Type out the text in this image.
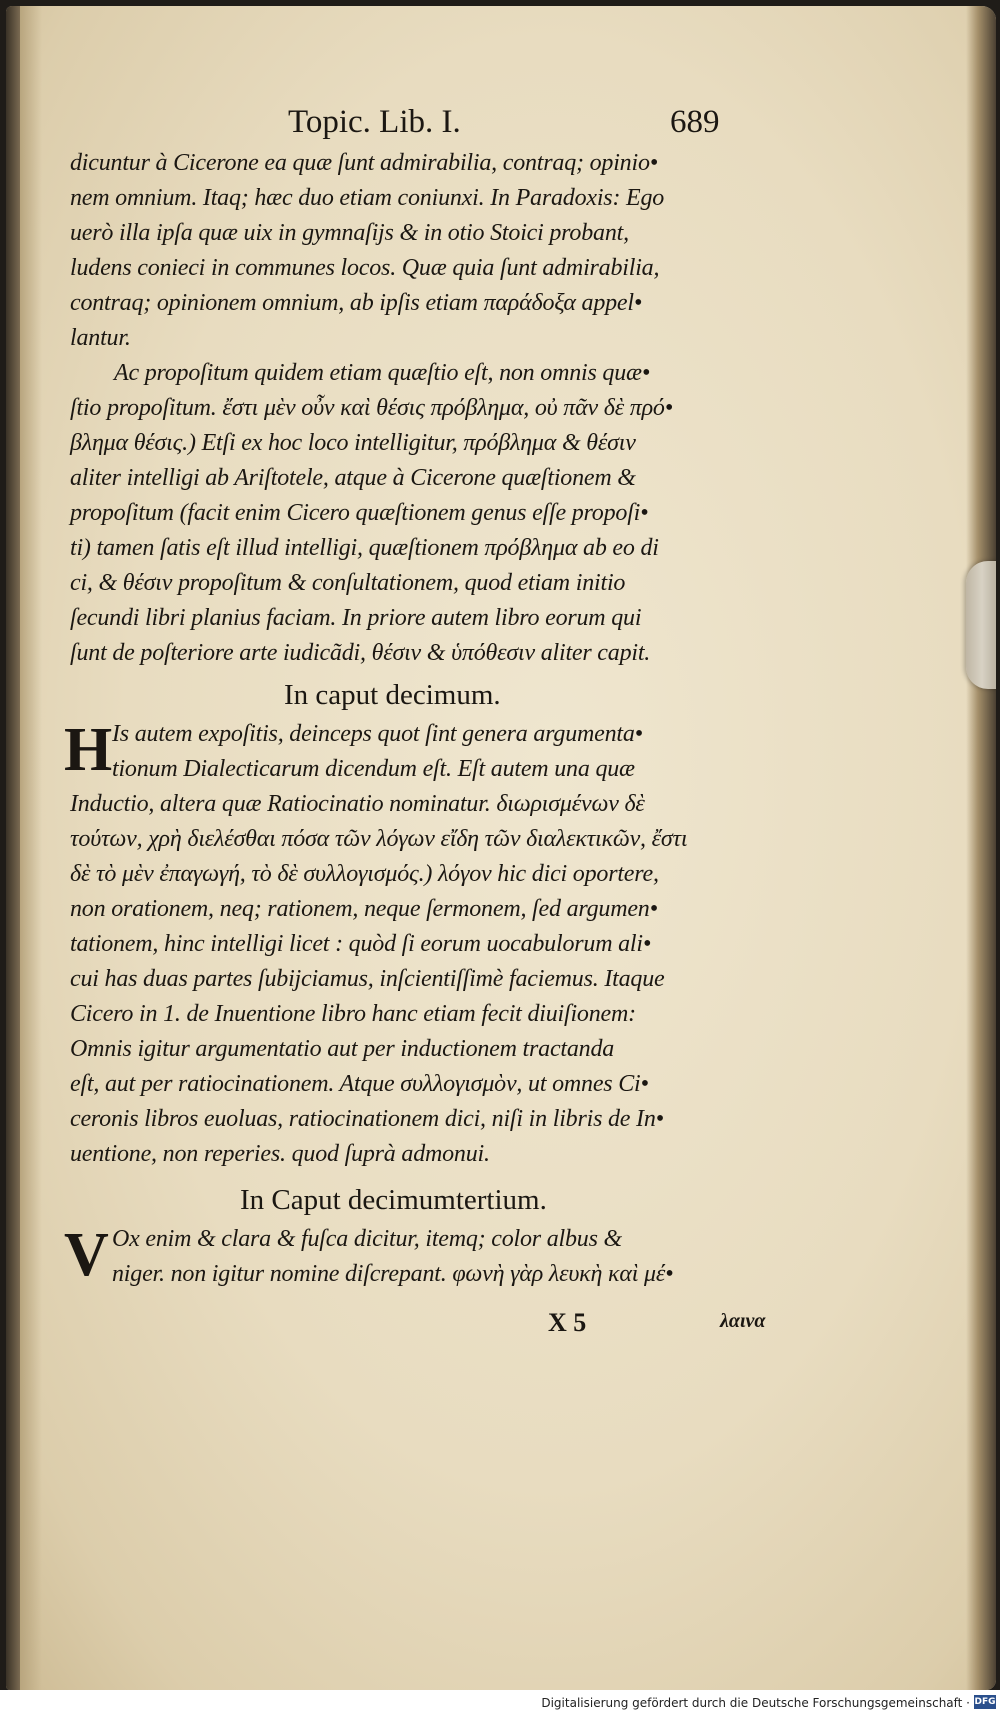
Topic. Lib. I.	689
dicuntur à Cicerone ea quæ ſunt admirabilia, contraq; opinio•
nem omnium. Itaq; hæc duo etiam coniunxi. In Paradoxis: Ego
uerò illa ipſa quæ uix in gymnaſijs & in otio Stoici probant,
ludens conieci in communes locos. Quæ quia ſunt admirabilia,
contraq; opinionem omnium, ab ipſis etiam παράδοξα appel•
lantur.
Ac propoſitum quidem etiam quæſtio eſt, non omnis quæ•
ſtio propoſitum. ἔστι μὲν οὖν καὶ θέσις πρόβλημα, οὐ πᾶν δὲ πρό•
βλημα θέσις.) Etſi ex hoc loco intelligitur, πρόβλημα & θέσιν
aliter intelligi ab Ariſtotele, atque à Cicerone quæſtionem &
propoſitum (facit enim Cicero quæſtionem genus eſſe propoſi•
ti) tamen ſatis eſt illud intelligi, quæſtionem πρόβλημα ab eo di
ci, & θέσιν propoſitum & conſultationem, quod etiam initio
ſecundi libri planius faciam. In priore autem libro eorum qui
ſunt de poſteriore arte iudicãdi, θέσιν & ὑπόθεσιν aliter capit.
In caput decimum.
H Is autem expoſitis, deinceps quot ſint genera argumenta•
tionum Dialecticarum dicendum eſt. Eſt autem una quæ
Inductio, altera quæ Ratiocinatio nominatur. διωρισμένων δὲ
τούτων, χρὴ διελέσθαι πόσα τῶν λόγων εἴδη τῶν διαλεκτικῶν, ἔστι
δὲ τὸ μὲν ἐπαγωγή, τὸ δὲ συλλογισμός.) λόγον hic dici oportere,
non orationem, neq; rationem, neque ſermonem, ſed argumen•
tationem, hinc intelligi licet : quòd ſi eorum uocabulorum ali•
cui has duas partes ſubijciamus, inſcientiſſimè faciemus. Itaque
Cicero in 1. de Inuentione libro hanc etiam fecit diuiſionem:
Omnis igitur argumentatio aut per inductionem tractanda
eſt, aut per ratiocinationem. Atque συλλογισμὸν, ut omnes Ci•
ceronis libros euoluas, ratiocinationem dici, niſi in libris de In•
uentione, non reperies. quod ſuprà admonui.
In Caput decimumtertium.
V Ox enim & clara & fuſca dicitur, itemq; color albus &
niger. non igitur nomine diſcrepant. φωνὴ γὰρ λευκὴ καὶ μέ•
X 5	λαινα
Digitalisierung gefördert durch die Deutsche Forschungsgemeinschaft · DFG
